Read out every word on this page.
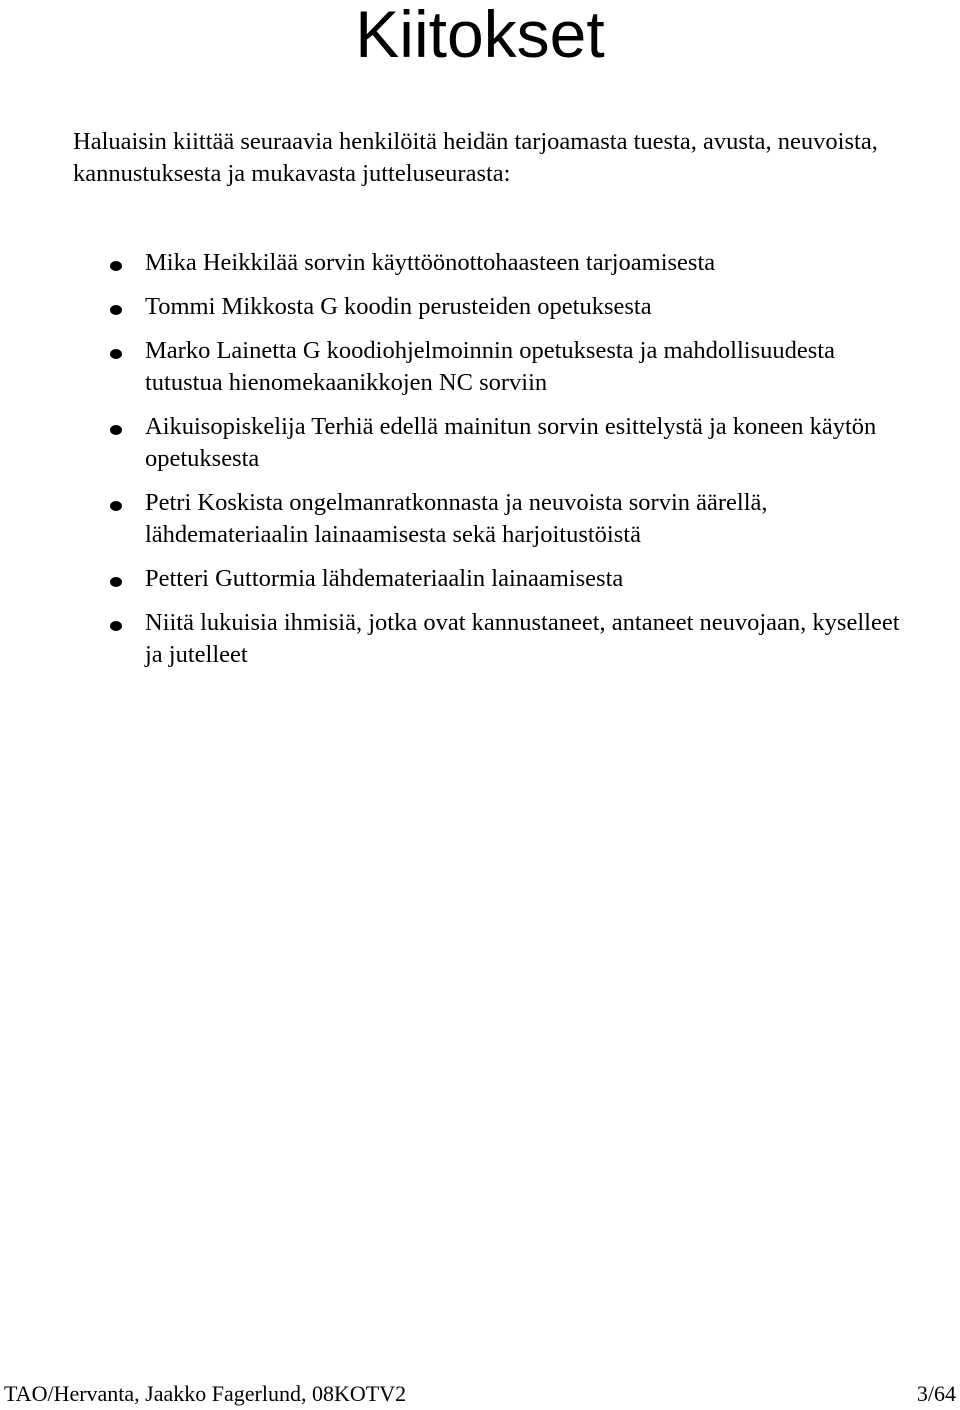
Kiitokset

Haluaisin kiittää seuraavia henkilöitä heidän tarjoamasta tuesta, avusta, neuvoista, kannustuksesta ja mukavasta jutteluseurasta:

Mika Heikkilää sorvin käyttöönottohaasteen tarjoamisesta
Tommi Mikkosta G koodin perusteiden opetuksesta
Marko Lainetta G koodiohjelmoinnin opetuksesta ja mahdollisuudesta tutustua hienomekaanikkojen NC sorviin
Aikuisopiskelija Terhiä edellä mainitun sorvin esittelystä ja koneen käytön opetuksesta
Petri Koskista ongelmanratkonnasta ja neuvoista sorvin äärellä, lähdemateriaalin lainaamisesta sekä harjoitustöistä
Petteri Guttormia lähdemateriaalin lainaamisesta
Niitä lukuisia ihmisiä, jotka ovat kannustaneet, antaneet neuvojaan, kyselleet ja jutelleet
TAO/Hervanta, Jaakko Fagerlund, 08KOTV2	3/64
